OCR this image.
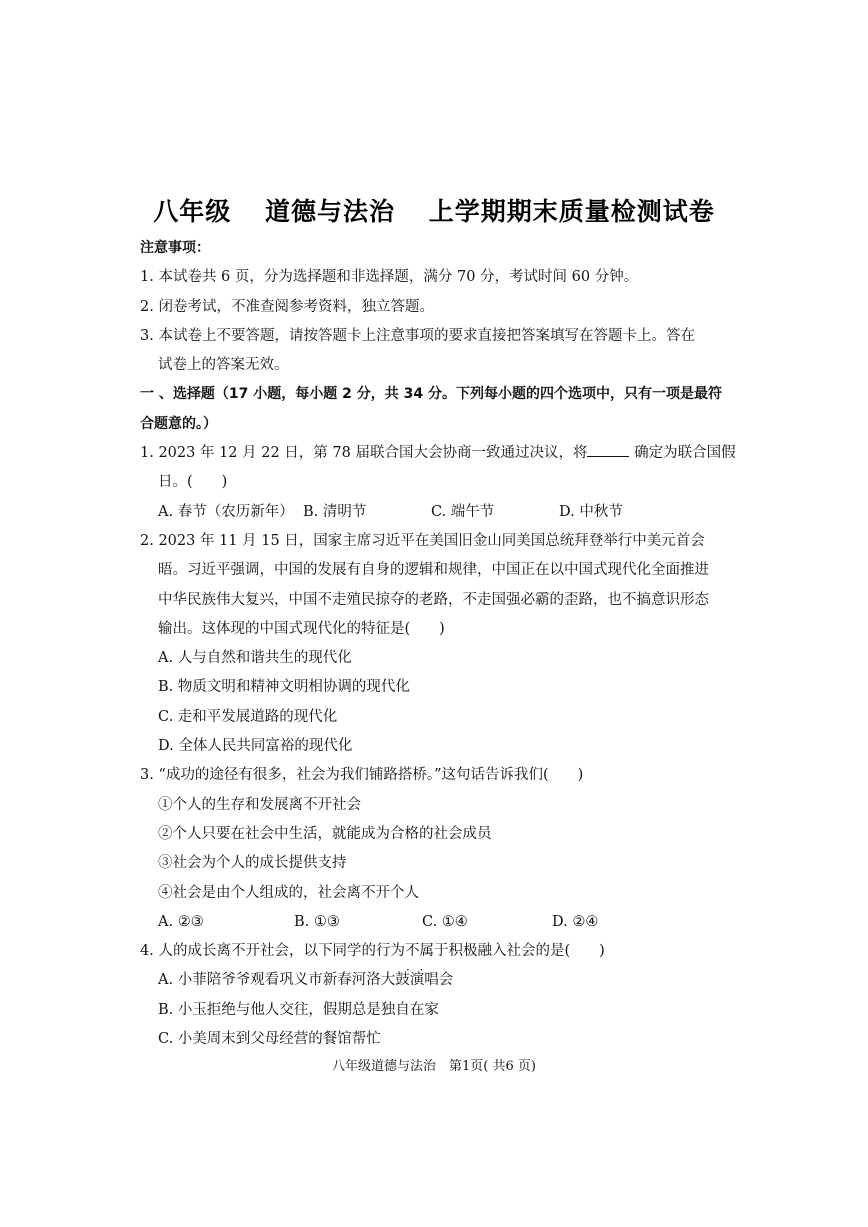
八年级 道德与法治 上学期期末质量检测试卷
注意事项：
1. 本试卷共 6 页，分为选择题和非选择题，满分 70 分，考试时间 60 分钟。
2. 闭卷考试，不准查阅参考资料，独立答题。
3. 本试卷上不要答题，请按答题卡上注意事项的要求直接把答案填写在答题卡上。答在
试卷上的答案无效。
一 、选择题（17 小题，每小题 2 分，共 34 分。下列每小题的四个选项中，只有一项是最符
合题意的。）
1. 2023 年 12 月 22 日，第 78 届联合国大会协商一致通过决议，将	确定为联合国假
日。(　　)
A. 春节（农历新年） B. 清明节	C. 端午节	D. 中秋节
2. 2023 年 11 月 15 日，国家主席习近平在美国旧金山同美国总统拜登举行中美元首会
晤。习近平强调，中国的发展有自身的逻辑和规律，中国正在以中国式现代化全面推进
中华民族伟大复兴，中国不走殖民掠夺的老路，不走国强必霸的歪路，也不搞意识形态
输出。这体现的中国式现代化的特征是(　　)
A. 人与自然和谐共生的现代化
B. 物质文明和精神文明相协调的现代化
C. 走和平发展道路的现代化
D. 全体人民共同富裕的现代化
3. “成功的途径有很多，社会为我们铺路搭桥。”这句话告诉我们(　　)
①个人的生存和发展离不开社会
②个人只要在社会中生活，就能成为合格的社会成员
③社会为个人的成长提供支持
④社会是由个人组成的，社会离不开个人
A. ②③	B. ①③	C. ①④	D. ②④
4. 人的成长离不开社会，以下同学的行为不属于 · ·积极融入社会的是(　　)
A. 小菲陪爷爷观看巩义市新春河洛大鼓演唱会
B. 小玉拒绝与他人交往，假期总是独自在家
C. 小美周末到父母经营的餐馆帮忙
八年级道德与法治　第1页( 共6 页)
